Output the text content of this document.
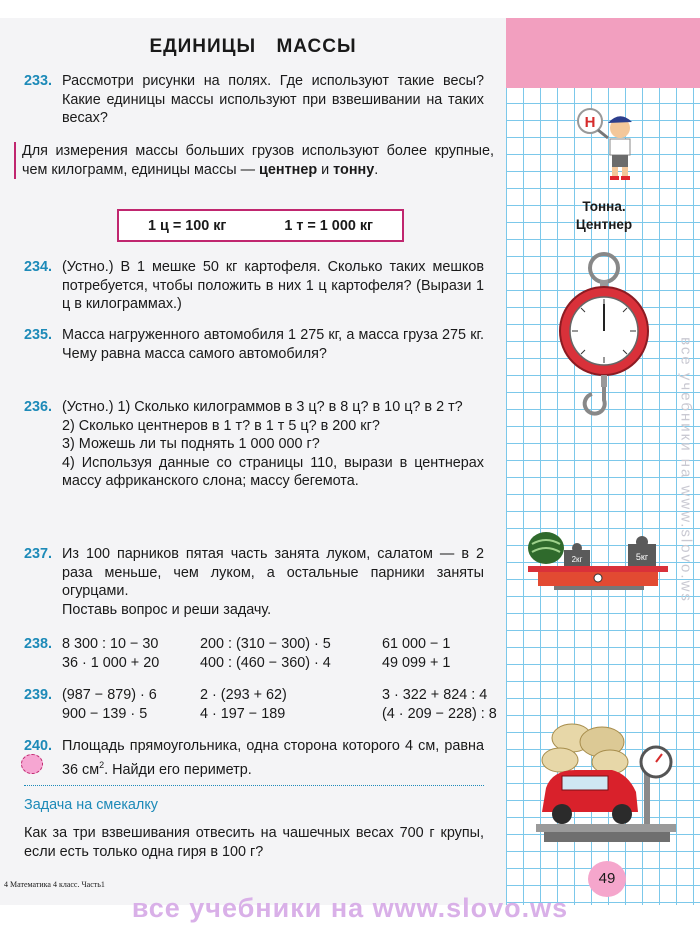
ЕДИНИЦЫ МАССЫ
233. Рассмотри рисунки на полях. Где используют такие весы? Какие единицы массы используют при взвешивании на таких весах?

Для измерения массы больших грузов используют более крупные, чем килограмм, единицы массы — центнер и тонну.
1 ц = 100 кг	1 т = 1 000 кг
234. (Устно.) В 1 мешке 50 кг картофеля. Сколько таких мешков потребуется, чтобы положить в них 1 ц картофеля? (Вырази 1 ц в килограммах.)

235. Масса нагруженного автомобиля 1 275 кг, а масса груза 275 кг. Чему равна масса самого автомобиля?

236. (Устно.) 1) Сколько килограммов в 3 ц? в 8 ц? в 10 ц? в 2 т?

2) Сколько центнеров в 1 т? в 1 т 5 ц? в 200 кг?

3) Можешь ли ты поднять 1 000 000 г?

4) Используя данные со страницы 110, вырази в центнерах массу африканского слона; массу бегемота.

237. Из 100 парников пятая часть занята луком, салатом — в 2 раза меньше, чем луком, а остальные парники заняты огурцами.

Поставь вопрос и реши задачу.

238. 8 300 : 10 − 30	200 : (310 − 300) · 5	61 000 − 1
36 · 1 000 + 20	400 : (460 − 360) · 4	49 099 + 1
239. (987 − 879) · 6	2 · (293 + 62)	3 · 322 + 824 : 4
900 − 139 · 5	4 · 197 − 189	(4 · 209 − 228) : 8
240. Площадь прямоугольника, одна сторона которого 4 см, равна 36 $см^2$. Найди его периметр.

Задача на смекалку
Как за три взвешивания отвесить на чашечных весах 700 г крупы, если есть только одна гиря в 100 г?
4 Математика 4 класс. Часть1
Н
Тонна.
Центнер
2кг	5кг
49
все учебники на www.slovo.ws
все учебники на www.slovo.ws
